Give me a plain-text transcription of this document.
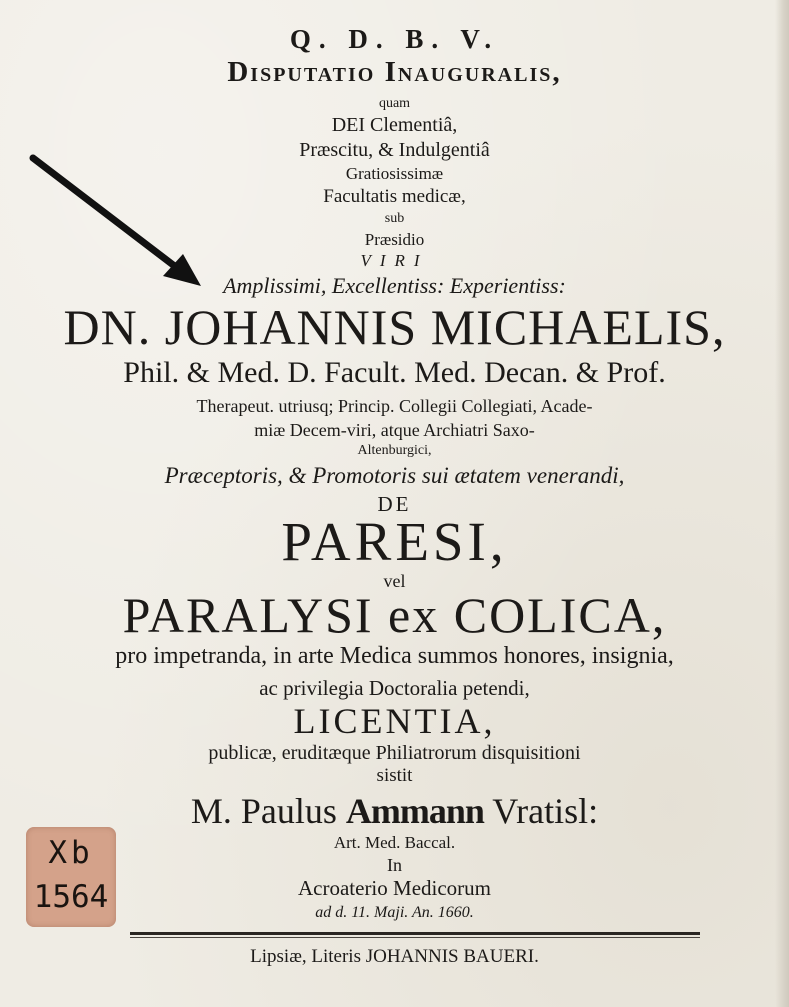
Q. D. B. V.
Disputatio Inauguralis,
quam
DEI Clementiâ,
Præscitu, & Indulgentiâ
Gratiosissimæ
Facultatis medicæ,
sub
Præsidio
VIRI
Amplissimi, Excellentiss: Experientiss:
DN. JOHANNIS MICHAELIS,
Phil. & Med. D. Facult. Med. Decan. & Prof.
Therapeut. utriusq; Princip. Collegii Collegiati, Acade-
miæ Decem-viri, atque Archiatri Saxo-
Altenburgici,
Præceptoris, & Promotoris sui ætatem venerandi,
DE
PARESI,
vel
PARALYSI ex COLICA,
pro impetranda, in arte Medica summos honores, insignia,
ac privilegia Doctoralia petendi,
LICENTIA,
publicæ, eruditæque Philiatrorum disquisitioni
sistit
M. Paulus Ammann Vratisl:
Art. Med. Baccal.
In
Acroaterio Medicorum
ad d. 11. Maji. An. 1660.
Lipsiæ, Literis JOHANNIS BAUERI.
Xb
1564
